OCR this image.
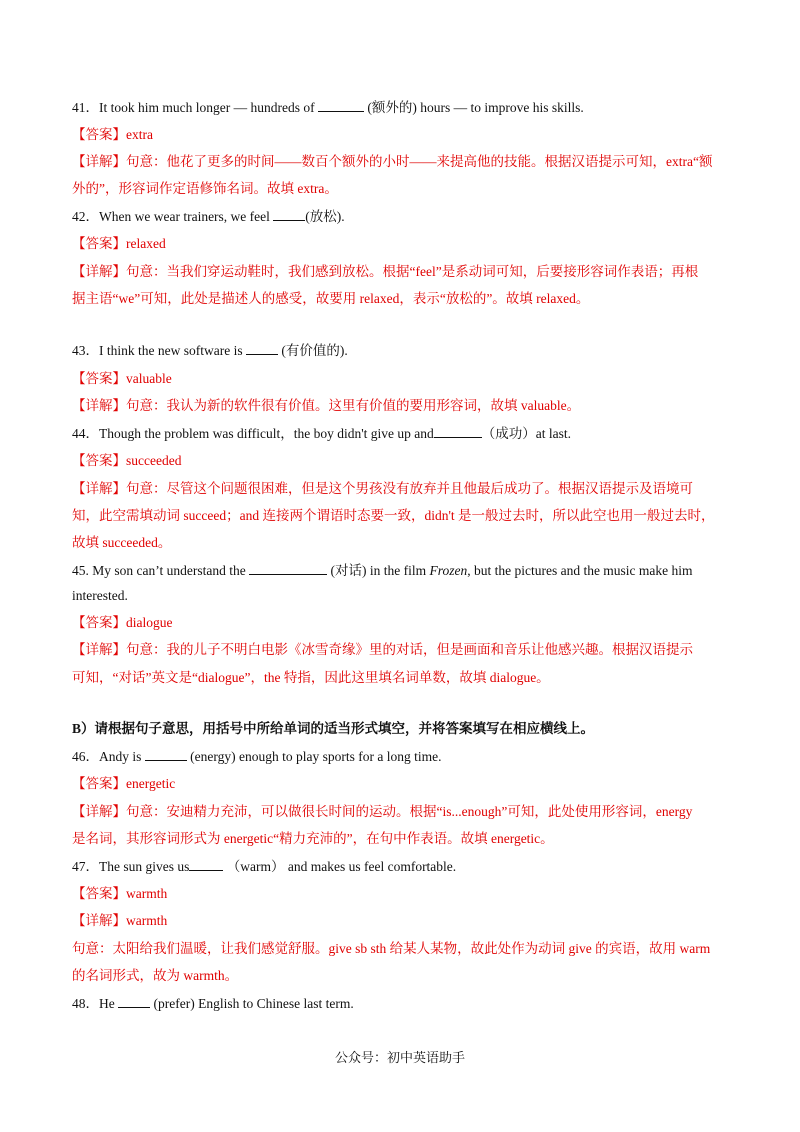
41．It took him much longer — hundreds of	(额外的) hours — to improve his skills.
【答案】extra
【详解】句意：他花了更多的时间——数百个额外的小时——来提高他的技能。根据汉语提示可知，extra“额
外的”，形容词作定语修饰名词。故填 extra。
42．When we wear trainers, we feel (放松).
【答案】relaxed
【详解】句意：当我们穿运动鞋时，我们感到放松。根据“feel”是系动词可知，后要接形容词作表语；再根
据主语“we”可知，此处是描述人的感受，故要用 relaxed，表示“放松的”。故填 relaxed。
43．I think the new software is  (有价值的).
【答案】valuable
【详解】句意：我认为新的软件很有价值。这里有价值的要用形容词，故填 valuable。
44．Though the problem was difficult，the boy didn't give up and	（成功）at last.
【答案】succeeded
【详解】句意：尽管这个问题很困难，但是这个男孩没有放弃并且他最后成功了。根据汉语提示及语境可
知，此空需填动词 succeed；and 连接两个谓语时态要一致，didn't 是一般过去时，所以此空也用一般过去时，
故填 succeeded。
45. My son can’t understand the	(对话) in the film Frozen, but the pictures and the music make him
interested.
【答案】dialogue
【详解】句意：我的儿子不明白电影《冰雪奇缘》里的对话，但是画面和音乐让他感兴趣。根据汉语提示
可知，“对话”英文是“dialogue”，the 特指，因此这里填名词单数，故填 dialogue。
B）请根据句子意思，用括号中所给单词的适当形式填空，并将答案填写在相应横线上。
46．Andy is	(energy) enough to play sports for a long time.
【答案】energetic
【详解】句意：安迪精力充沛，可以做很长时间的运动。根据“is...enough”可知，此处使用形容词，energy
是名词，其形容词形式为 energetic“精力充沛的”，在句中作表语。故填 energetic。
47．The sun gives us	（warm） and makes us feel comfortable.
【答案】warmth
【详解】warmth
句意：太阳给我们温暖，让我们感觉舒服。give sb sth 给某人某物，故此处作为动词 give 的宾语，故用 warm
的名词形式，故为 warmth。
48．He  (prefer) English to Chinese last term.
公众号：初中英语助手
